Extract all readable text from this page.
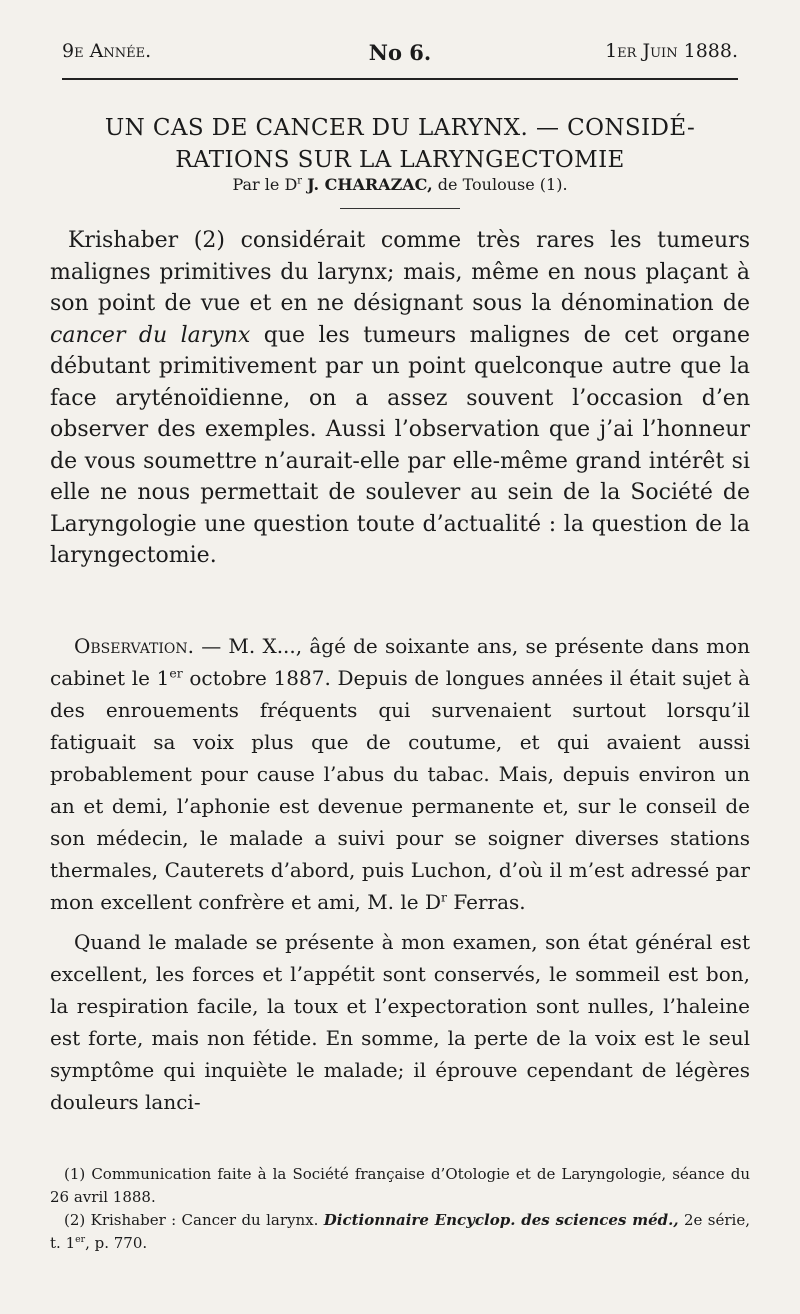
9e Année.	No 6.	1er Juin 1888.
UN CAS DE CANCER DU LARYNX. — CONSIDÉ-
RATIONS SUR LA LARYNGECTOMIE
Par le $D^r$ J. CHARAZAC, de Toulouse (1).

Krishaber (2) considérait comme très rares les tumeurs malignes primitives du larynx; mais, même en nous plaçant à son point de vue et en ne désignant sous la dénomination de cancer du larynx que les tumeurs malignes de cet organe débutant primitivement par un point quelconque autre que la face aryténoïdienne, on a assez souvent l’occasion d’en observer des exemples. Aussi l’observation que j’ai l’honneur de vous soumettre n’aurait-elle par elle-même grand intérêt si elle ne nous permettait de soulever au sein de la Société de Laryngologie une question toute d’actualité : la question de la laryngectomie.

Observation. — M. X..., âgé de soixante ans, se présente dans mon cabinet le 1er octobre 1887. Depuis de longues années il était sujet à des enrouements fréquents qui survenaient surtout lorsqu’il fatiguait sa voix plus que de coutume, et qui avaient aussi probablement pour cause l’abus du tabac. Mais, depuis environ un an et demi, l’aphonie est devenue permanente et, sur le conseil de son médecin, le malade a suivi pour se soigner diverses stations thermales, Cauterets d’abord, puis Luchon, d’où il m’est adressé par mon excellent confrère et ami, M. le $D^r$ Ferras.

Quand le malade se présente à mon examen, son état général est excellent, les forces et l’appétit sont conservés, le sommeil est bon, la respiration facile, la toux et l’expectoration sont nulles, l’haleine est forte, mais non fétide. En somme, la perte de la voix est le seul symptôme qui inquiète le malade; il éprouve cependant de légères douleurs lanci-

(1) Communication faite à la Société française d’Otologie et de Laryngologie, séance du 26 avril 1888.

(2) Krishaber : Cancer du larynx. Dictionnaire Encyclop. des sciences méd., 2e série, t. 1er, p. 770.
